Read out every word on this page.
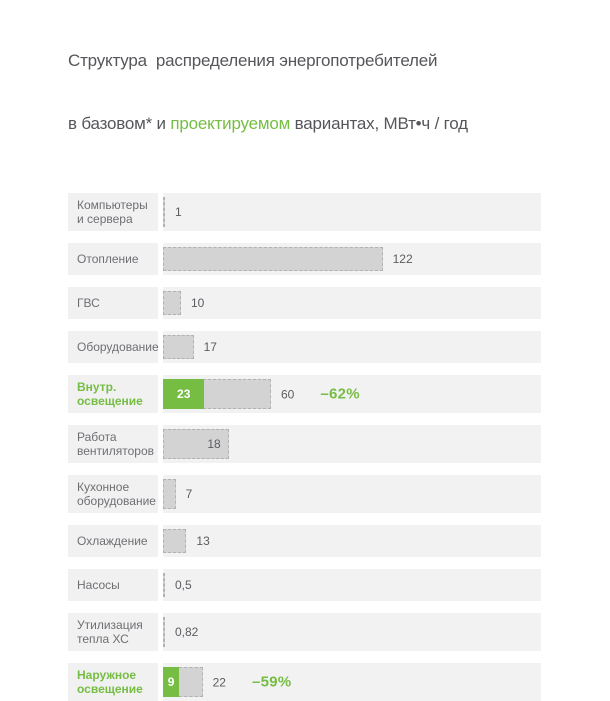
Структура  распределения энергопотребителей

в базовом* и проектируемом вариантах, МВт•ч / год

Компьютеры и сервера	1
Отопление	122
ГВС	10
Оборудование	17
Внутр. освещение	23	60 –62%
Работа вентиляторов	18
Кухонное оборудование 7
Охлаждение	13
Насосы	0,5
Утилизация тепла ХС	0,82
Наружное освещение	9	22 –59%
